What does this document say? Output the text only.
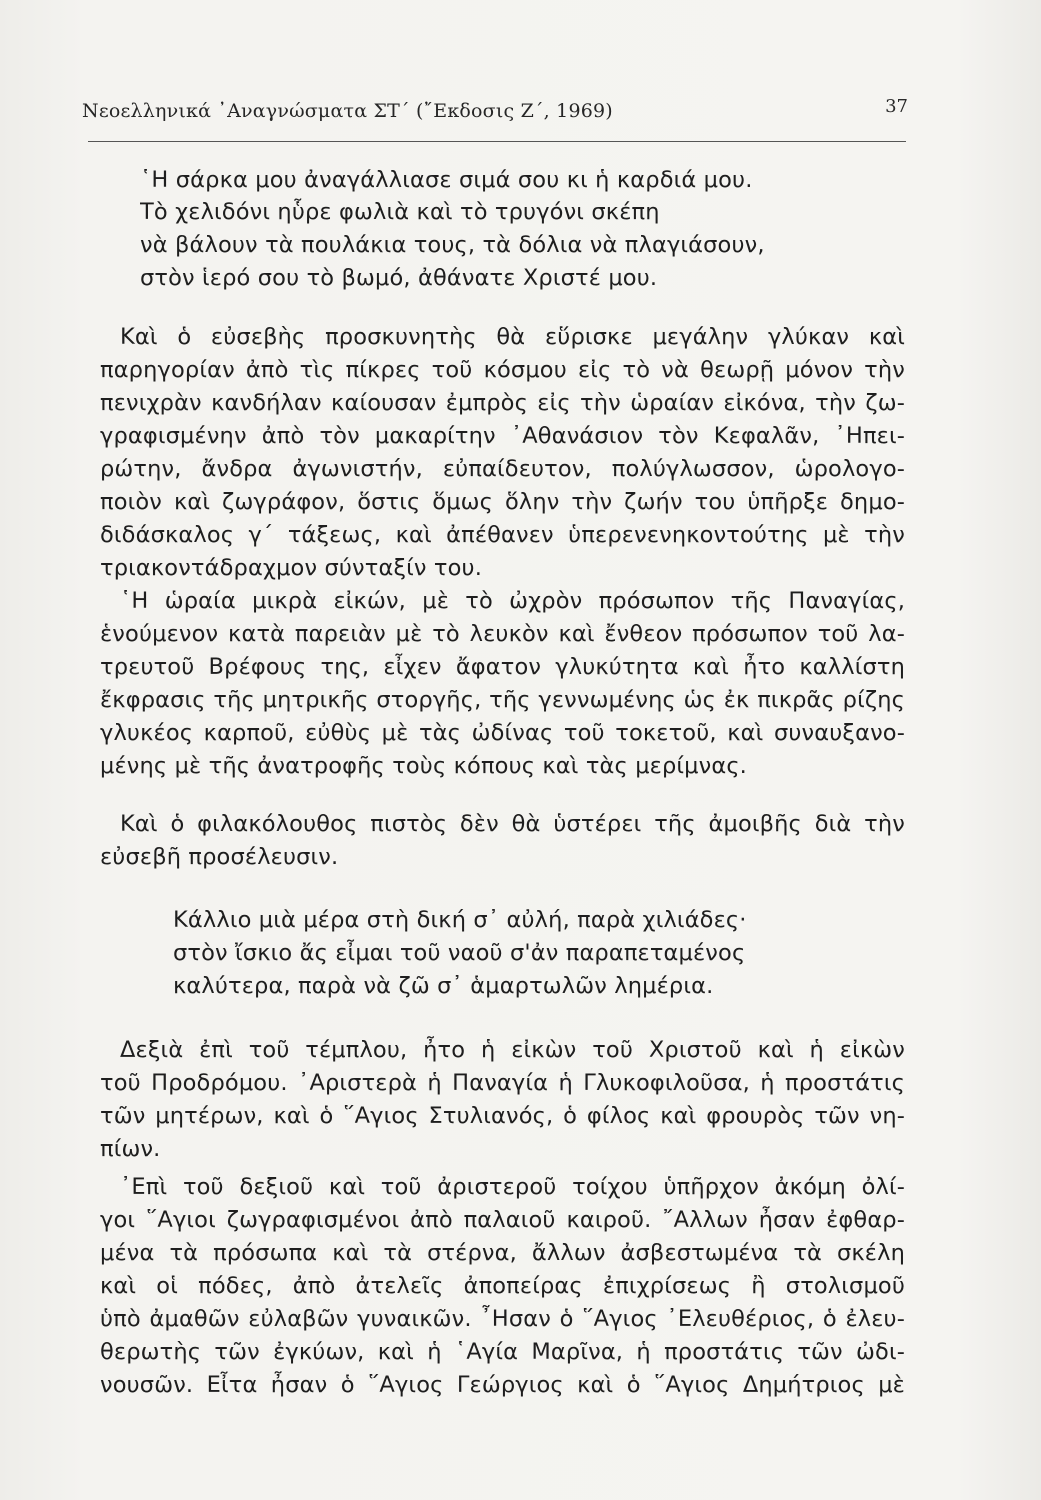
Νεοελληνικά ᾿Αναγνώσματα ΣΤ΄ (῎Εκδοσις Ζ΄, 1969)	37
῾Η σάρκα μου ἀναγάλλιασε σιμά σου κι ἡ καρδιά μου.
Τὸ χελιδόνι ηὗρε φωλιὰ καὶ τὸ τρυγόνι σκέπη
νὰ βάλουν τὰ πουλάκια τους, τὰ δόλια νὰ πλαγιάσουν,
στὸν ἱερό σου τὸ βωμό, ἀθάνατε Χριστέ μου.
Καὶ ὁ εὐσεβὴς προσκυνητὴς θὰ εὕρισκε μεγάλην γλύκαν καὶ
παρηγορίαν ἀπὸ τὶς πίκρες τοῦ κόσμου εἰς τὸ νὰ θεωρῇ μόνον τὴν
πενιχρὰν κανδήλαν καίουσαν ἐμπρὸς εἰς τὴν ὡραίαν εἰκόνα, τὴν ζω-
γραφισμένην ἀπὸ τὸν μακαρίτην ᾿Αθανάσιον τὸν Κεφαλᾶν, ᾿Ηπει-
ρώτην, ἄνδρα ἀγωνιστήν, εὐπαίδευτον, πολύγλωσσον, ὡρολογο-
ποιὸν καὶ ζωγράφον, ὅστις ὅμως ὅλην τὴν ζωήν του ὑπῆρξε δημο-
διδάσκαλος γ΄ τάξεως, καὶ ἀπέθανεν ὑπερενενηκοντούτης μὲ τὴν
τριακοντάδραχμον σύνταξίν του.
῾Η ὡραία μικρὰ εἰκών, μὲ τὸ ὠχρὸν πρόσωπον τῆς Παναγίας,
ἑνούμενον κατὰ παρειὰν μὲ τὸ λευκὸν καὶ ἔνθεον πρόσωπον τοῦ λα-
τρευτοῦ Βρέφους της, εἶχεν ἄφατον γλυκύτητα καὶ ἦτο καλλίστη
ἔκφρασις τῆς μητρικῆς στοργῆς, τῆς γεννωμένης ὡς ἐκ πικρᾶς ρίζης
γλυκέος καρποῦ, εὐθὺς μὲ τὰς ὠδίνας τοῦ τοκετοῦ, καὶ συναυξανο-
μένης μὲ τῆς ἀνατροφῆς τοὺς κόπους καὶ τὰς μερίμνας.
Καὶ ὁ φιλακόλουθος πιστὸς δὲν θὰ ὑστέρει τῆς ἀμοιβῆς διὰ τὴν
εὐσεβῆ προσέλευσιν.
Κάλλιο μιὰ μέρα στὴ δική σ᾿ αὐλή, παρὰ χιλιάδες·
στὸν ἴσκιο ἄς εἶμαι τοῦ ναοῦ σ'ἀν παραπεταμένος
καλύτερα, παρὰ νὰ ζῶ σ᾿ ἁμαρτωλῶν λημέρια.
Δεξιὰ ἐπὶ τοῦ τέμπλου, ἦτο ἡ εἰκὼν τοῦ Χριστοῦ καὶ ἡ εἰκὼν
τοῦ Προδρόμου. ᾿Αριστερὰ ἡ Παναγία ἡ Γλυκοφιλοῦσα, ἡ προστάτις
τῶν μητέρων, καὶ ὁ ῞Αγιος Στυλιανός, ὁ φίλος καὶ φρουρὸς τῶν νη-
πίων.
᾿Επὶ τοῦ δεξιοῦ καὶ τοῦ ἀριστεροῦ τοίχου ὑπῆρχον ἀκόμη ὀλί-
γοι ῞Αγιοι ζωγραφισμένοι ἀπὸ παλαιοῦ καιροῦ. ῎Αλλων ἦσαν ἐφθαρ-
μένα τὰ πρόσωπα καὶ τὰ στέρνα, ἄλλων ἀσβεστωμένα τὰ σκέλη
καὶ οἱ πόδες, ἀπὸ ἀτελεῖς ἀποπείρας ἐπιχρίσεως ἢ στολισμοῦ
ὑπὸ ἀμαθῶν εὐλαβῶν γυναικῶν. ῏Ησαν ὁ ῞Αγιος ᾿Ελευθέριος, ὁ ἐλευ-
θερωτὴς τῶν ἐγκύων, καὶ ἡ ῾Αγία Μαρῖνα, ἡ προστάτις τῶν ὠδι-
νουσῶν. Εἶτα ἦσαν ὁ ῞Αγιος Γεώργιος καὶ ὁ ῞Αγιος Δημήτριος μὲ
